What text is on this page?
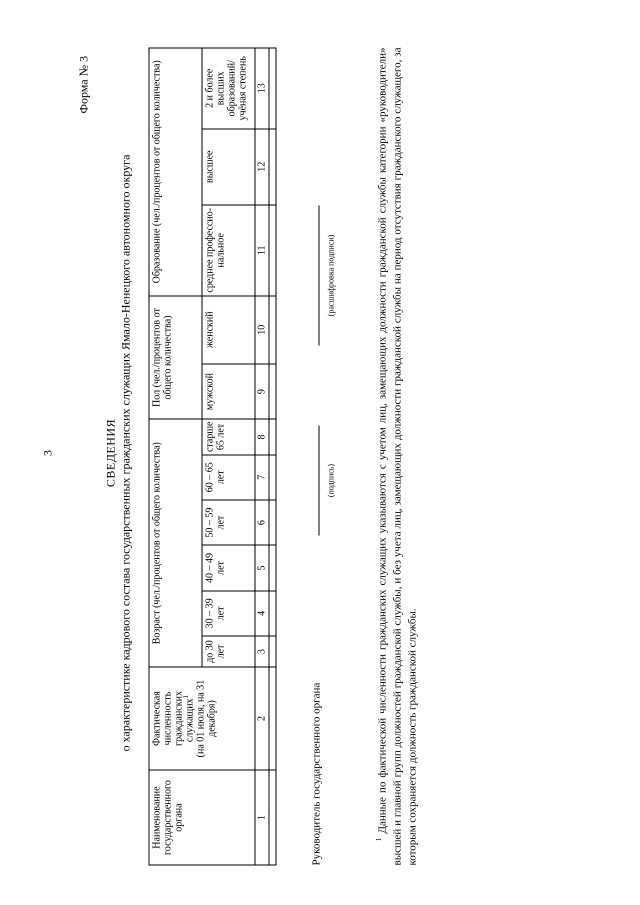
3
Форма № 3
СВЕДЕНИЯ о характеристике кадрового состава государственных гражданских служащих Ямало-Ненецкого автономного округа
Наименование государственного органа	Фактическая численность гражданских служащих$^1$ (на 01 июля, на 31 декабря)	Возраст (чел./процентов от общего количества)						Пол (чел./процентов от общего количества)		Образование (чел./процентов от общего количества)		
		до 30 лет	30 – 39 лет	40 – 49 лет	50 – 59 лет	60 – 65 лет	старше 65 лет	мужской	женский	среднее профессио-нальное	высшее	2 и более высших образований/ учёная степень
1	2	3	4	5	6	7	8	9	10	11	12	13

Руководитель государственного органа
(подпись)
(расшифровка подписи)
$^1$ Данные по фактической численности гражданских служащих указываются с учетом лиц, замещающих должности гражданской службы категории «руководители» высшей и главной групп должностей гражданской службы, и без учета лиц, замещающих должности гражданской службы на период отсутствия гражданского служащего, за которым сохраняется должность гражданской службы.
